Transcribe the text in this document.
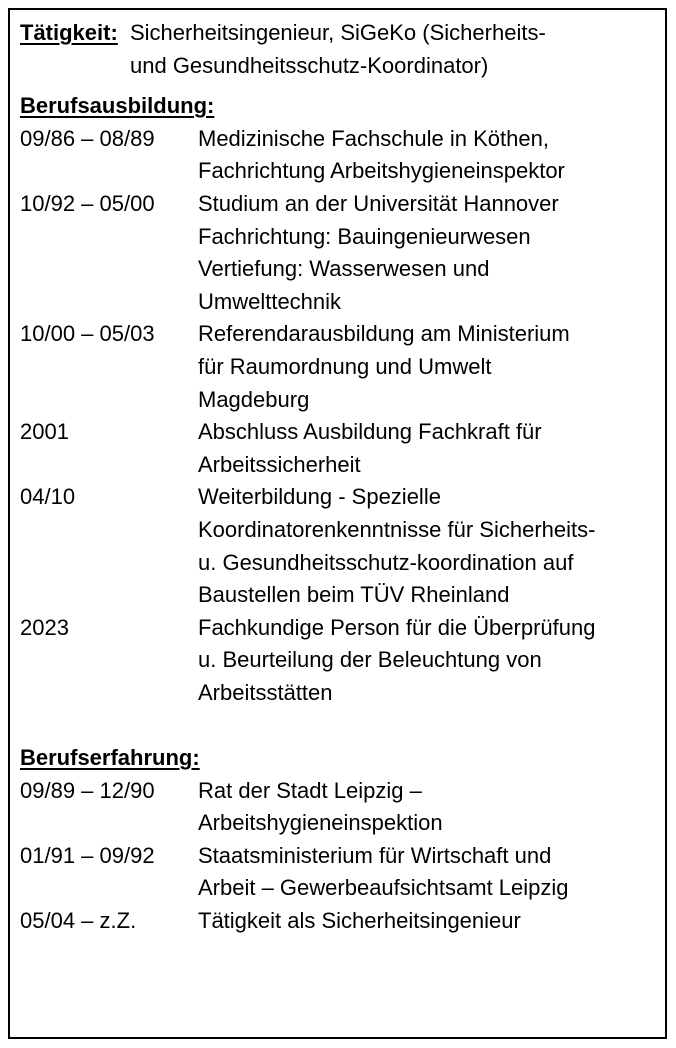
Tätigkeit: Sicherheitsingenieur, SiGeKo (Sicherheits-
und Gesundheitsschutz-Koordinator)
Berufsausbildung:
09/86 – 08/89	Medizinische Fachschule in Köthen,
Fachrichtung Arbeitshygieneinspektor
10/92 – 05/00	Studium an der Universität Hannover
Fachrichtung: Bauingenieurwesen
Vertiefung: Wasserwesen und
Umwelttechnik
10/00 – 05/03	Referendarausbildung am Ministerium
für Raumordnung und Umwelt
Magdeburg
2001	Abschluss Ausbildung Fachkraft für
Arbeitssicherheit
04/10	Weiterbildung - Spezielle
Koordinatorenkenntnisse für Sicherheits-
u. Gesundheitsschutz-koordination auf
Baustellen beim TÜV Rheinland
2023	Fachkundige Person für die Überprüfung
u. Beurteilung der Beleuchtung von
Arbeitsstätten
Berufserfahrung:
09/89 – 12/90	Rat der Stadt Leipzig –
Arbeitshygieneinspektion
01/91 – 09/92	Staatsministerium für Wirtschaft und
Arbeit – Gewerbeaufsichtsamt Leipzig
05/04 – z.Z.	Tätigkeit als Sicherheitsingenieur
